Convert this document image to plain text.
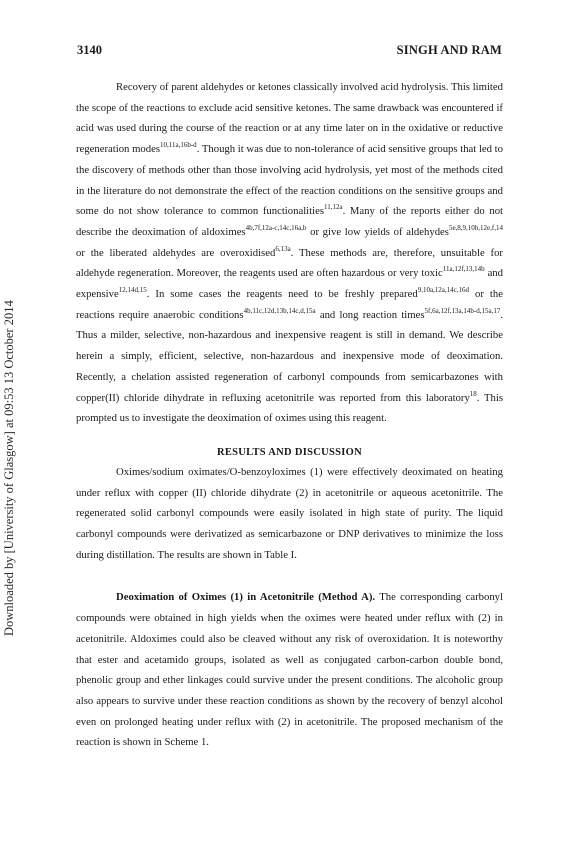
3140	SINGH AND RAM
Downloaded by [University of Glasgow] at 09:53 13 October 2014

Recovery of parent aldehydes or ketones classically involved acid hydrolysis. This limited the scope of the reactions to exclude acid sensitive ketones. The same drawback was encountered if acid was used during the course of the reaction or at any time later on in the oxidative or reductive regeneration modes$^{10,11a,16b-d}$. Though it was due to non-tolerance of acid sensitive groups that led to the discovery of methods other than those involving acid hydrolysis, yet most of the methods cited in the literature do not demonstrate the effect of the reaction conditions on the sensitive groups and some do not show tolerance to common functionalities$^{11,12a}$. Many of the reports either do not describe the deoximation of aldoximes$^{4b,7f,12a-c,14c,16a,b}$ or give low yields of aldehydes$^{5e,8,9,10b,12e,f,14}$ or the liberated aldehydes are overoxidised$^{6,13a}$. These methods are, therefore, unsuitable for aldehyde regeneration. Moreover, the reagents used are often hazardous or very toxic$^{11a,12f,13,14b}$ and expensive$^{12,14d,15}$. In some cases the reagents need to be freshly prepared$^{9,10a,12a,14c,16d}$ or the reactions require anaerobic conditions$^{4b,11c,12d,13b,14c,d,15a}$ and long reaction times$^{5f,6a,12f,13a,14b-d,15a,17}$. Thus a milder, selective, non-hazardous and inexpensive reagent is still in demand. We describe herein a simply, efficient, selective, non-hazardous and inexpensive mode of deoximation. Recently, a chelation assisted regeneration of carbonyl compounds from semicarbazones with copper(II) chloride dihydrate in refluxing acetonitrile was reported from this laboratory$^{18}$. This prompted us to investigate the deoximation of oximes using this reagent.

RESULTS AND DISCUSSION

Oximes/sodium oximates/O-benzoyloximes (1) were effectively deoximated on heating under reflux with copper (II) chloride dihydrate (2) in acetonitrile or aqueous acetonitrile. The regenerated solid carbonyl compounds were easily isolated in high state of purity. The liquid carbonyl compounds were derivatized as semicarbazone or DNP derivatives to minimize the loss during distillation. The results are shown in Table I.

Deoximation of Oximes (1) in Acetonitrile (Method A). The corresponding carbonyl compounds were obtained in high yields when the oximes were heated under reflux with (2) in acetonitrile. Aldoximes could also be cleaved without any risk of overoxidation. It is noteworthy that ester and acetamido groups, isolated as well as conjugated carbon-carbon double bond, phenolic group and ether linkages could survive under the present conditions. The alcoholic group also appears to survive under these reaction conditions as shown by the recovery of benzyl alcohol even on prolonged heating under reflux with (2) in acetonitrile. The proposed mechanism of the reaction is shown in Scheme 1.
